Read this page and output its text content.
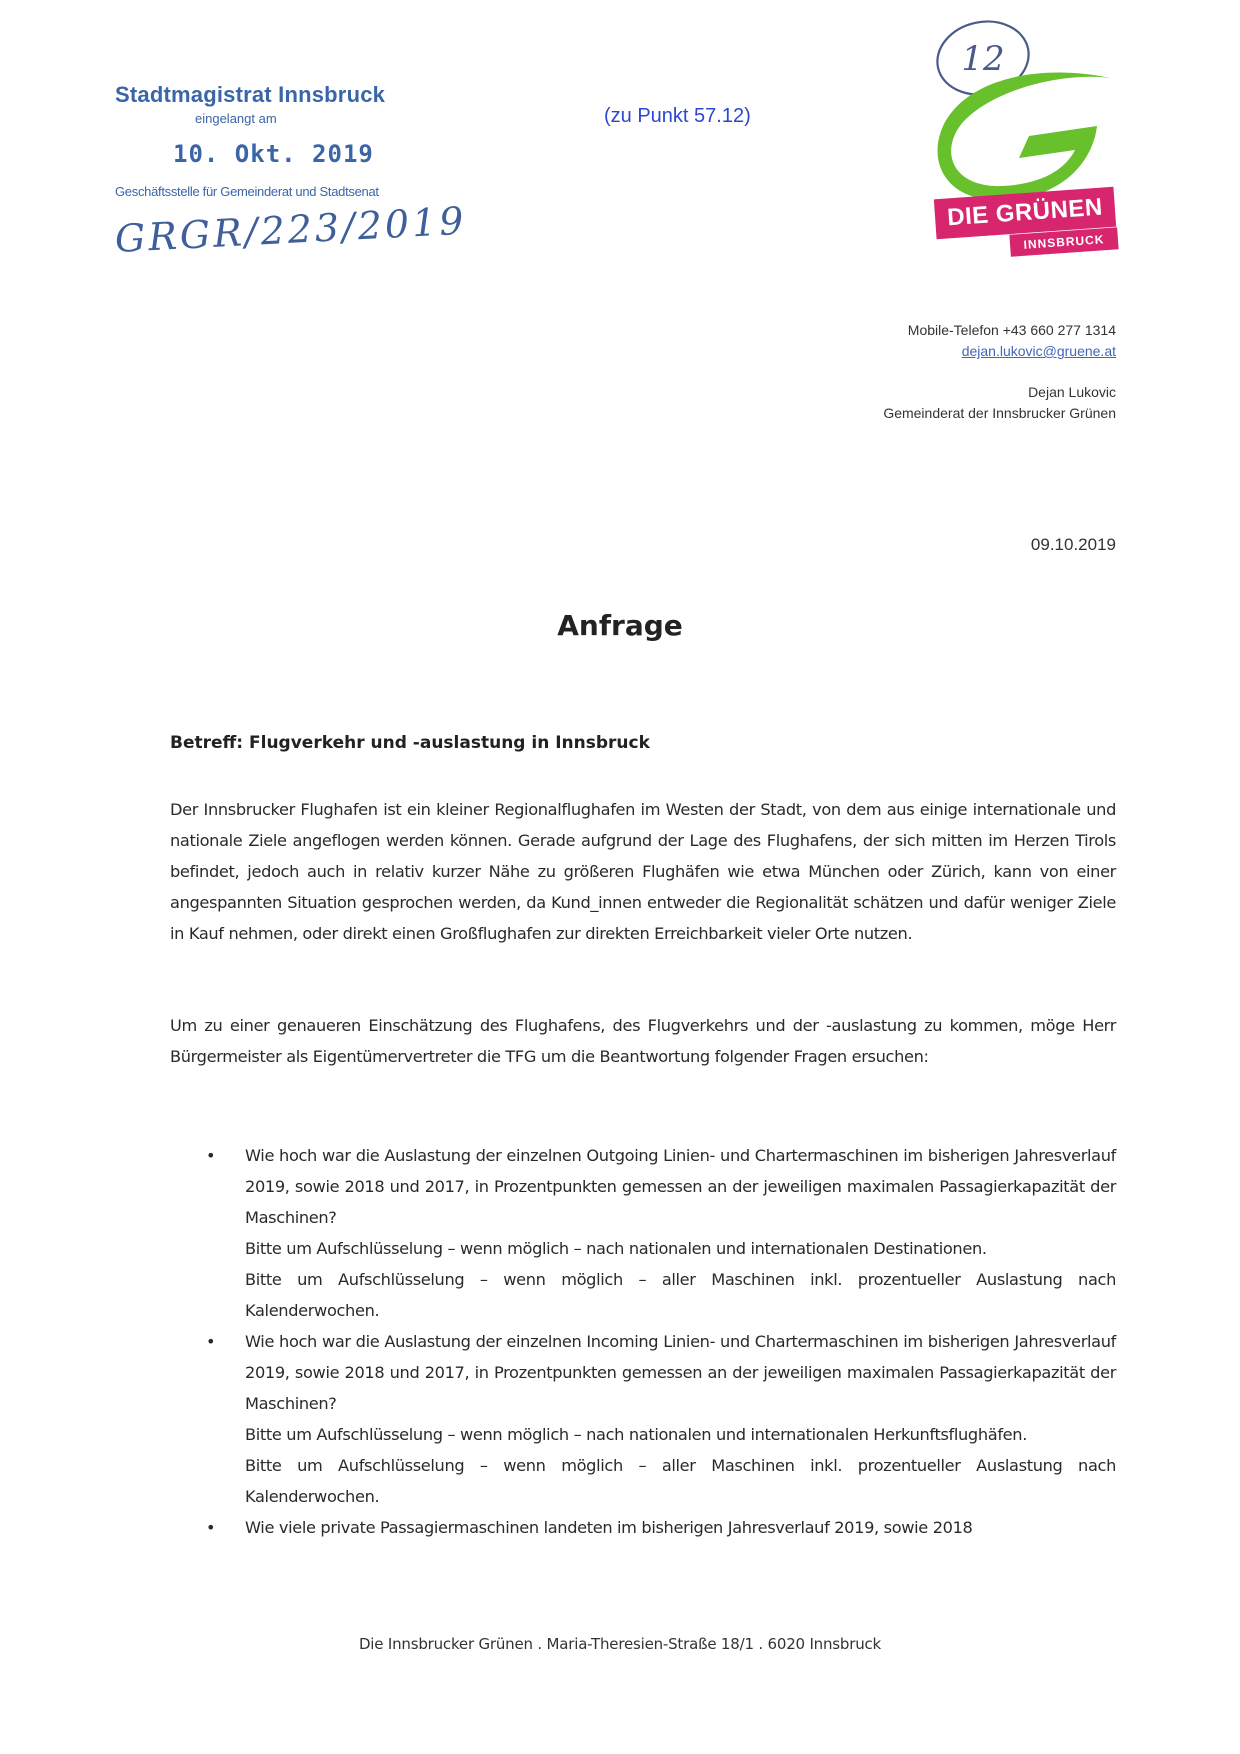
Stadtmagistrat Innsbruck
eingelangt am
10. Okt. 2019
Geschäftsstelle für Gemeinderat und Stadtsenat
GRGR/223/2019
(zu Punkt 57.12)
12
DIE GRÜNEN
INNSBRUCK
Mobile-Telefon +43 660 277 1314
dejan.lukovic@gruene.at
Dejan Lukovic
Gemeinderat der Innsbrucker Grünen
09.10.2019
Anfrage
Betreff: Flugverkehr und -auslastung in Innsbruck

Der Innsbrucker Flughafen ist ein kleiner Regionalflughafen im Westen der Stadt, von dem aus einige internationale und nationale Ziele angeflogen werden können. Gerade aufgrund der Lage des Flughafens, der sich mitten im Herzen Tirols befindet, jedoch auch in relativ kurzer Nähe zu größeren Flughäfen wie etwa München oder Zürich, kann von einer angespannten Situation gesprochen werden, da Kund_innen entweder die Regionalität schätzen und dafür weniger Ziele in Kauf nehmen, oder direkt einen Großflughafen zur direkten Erreichbarkeit vieler Orte nutzen.

Um zu einer genaueren Einschätzung des Flughafens, des Flugverkehrs und der -auslastung zu kommen, möge Herr Bürgermeister als Eigentümervertreter die TFG um die Beantwortung folgender Fragen ersuchen:

• Wie hoch war die Auslastung der einzelnen Outgoing Linien- und Chartermaschinen im bisherigen Jahresverlauf 2019, sowie 2018 und 2017, in Prozentpunkten gemessen an der jeweiligen maximalen Passagierkapazität der Maschinen?

Bitte um Aufschlüsselung – wenn möglich – nach nationalen und internationalen Destinationen.

Bitte um Aufschlüsselung – wenn möglich – aller Maschinen inkl. prozentueller Auslastung nach Kalenderwochen.

• Wie hoch war die Auslastung der einzelnen Incoming Linien- und Chartermaschinen im bisherigen Jahresverlauf 2019, sowie 2018 und 2017, in Prozentpunkten gemessen an der jeweiligen maximalen Passagierkapazität der Maschinen?

Bitte um Aufschlüsselung – wenn möglich – nach nationalen und internationalen Herkunftsflughäfen.

Bitte um Aufschlüsselung – wenn möglich – aller Maschinen inkl. prozentueller Auslastung nach Kalenderwochen.

• Wie viele private Passagiermaschinen landeten im bisherigen Jahresverlauf 2019, sowie 2018

Die Innsbrucker Grünen . Maria-Theresien-Straße 18/1 . 6020 Innsbruck
